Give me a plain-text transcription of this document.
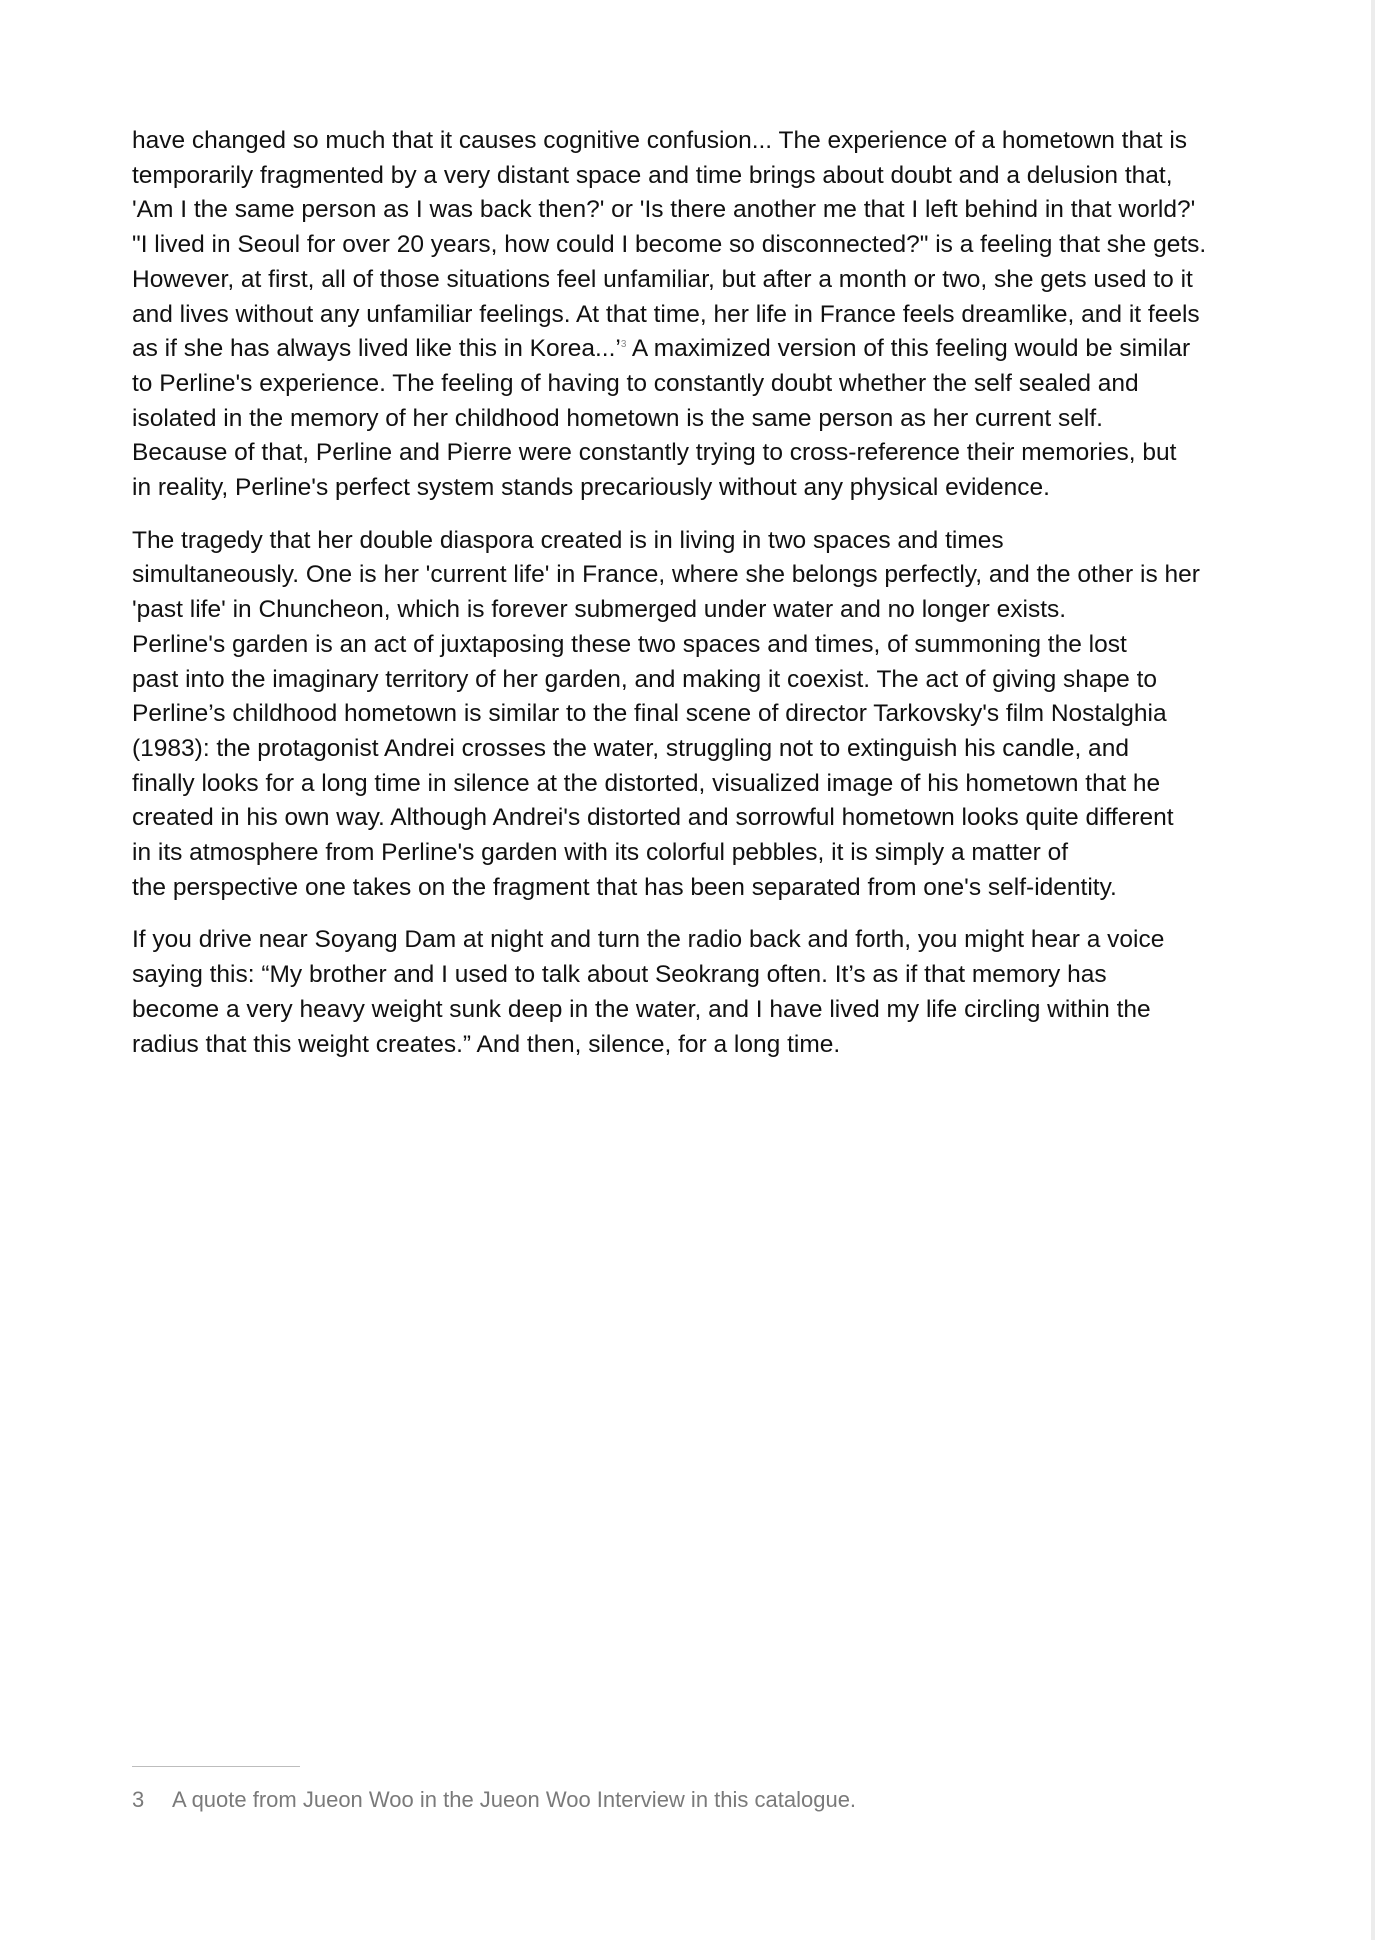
have changed so much that it causes cognitive confusion... The experience of a hometown that is
temporarily fragmented by a very distant space and time brings about doubt and a delusion that,
'Am I the same person as I was back then?' or 'Is there another me that I left behind in that world?'
"I lived in Seoul for over 20 years, how could I become so disconnected?" is a feeling that she gets.
However, at first, all of those situations feel unfamiliar, but after a month or two, she gets used to it
and lives without any unfamiliar feelings. At that time, her life in France feels dreamlike, and it feels
as if she has always lived like this in Korea...’$^3$ A maximized version of this feeling would be similar
to Perline's experience. The feeling of having to constantly doubt whether the self sealed and
isolated in the memory of her childhood hometown is the same person as her current self.
Because of that, Perline and Pierre were constantly trying to cross-reference their memories, but
in reality, Perline's perfect system stands precariously without any physical evidence.

The tragedy that her double diaspora created is in living in two spaces and times
simultaneously. One is her 'current life' in France, where she belongs perfectly, and the other is her
'past life' in Chuncheon, which is forever submerged under water and no longer exists.
Perline's garden is an act of juxtaposing these two spaces and times, of summoning the lost
past into the imaginary territory of her garden, and making it coexist. The act of giving shape to
Perline’s childhood hometown is similar to the final scene of director Tarkovsky's film Nostalghia
(1983): the protagonist Andrei crosses the water, struggling not to extinguish his candle, and
finally looks for a long time in silence at the distorted, visualized image of his hometown that he
created in his own way. Although Andrei's distorted and sorrowful hometown looks quite different
in its atmosphere from Perline's garden with its colorful pebbles, it is simply a matter of
the perspective one takes on the fragment that has been separated from one's self-identity.

If you drive near Soyang Dam at night and turn the radio back and forth, you might hear a voice
saying this: “My brother and I used to talk about Seokrang often. It’s as if that memory has
become a very heavy weight sunk deep in the water, and I have lived my life circling within the
radius that this weight creates.” And then, silence, for a long time.

3 A quote from Jueon Woo in the Jueon Woo Interview in this catalogue.
